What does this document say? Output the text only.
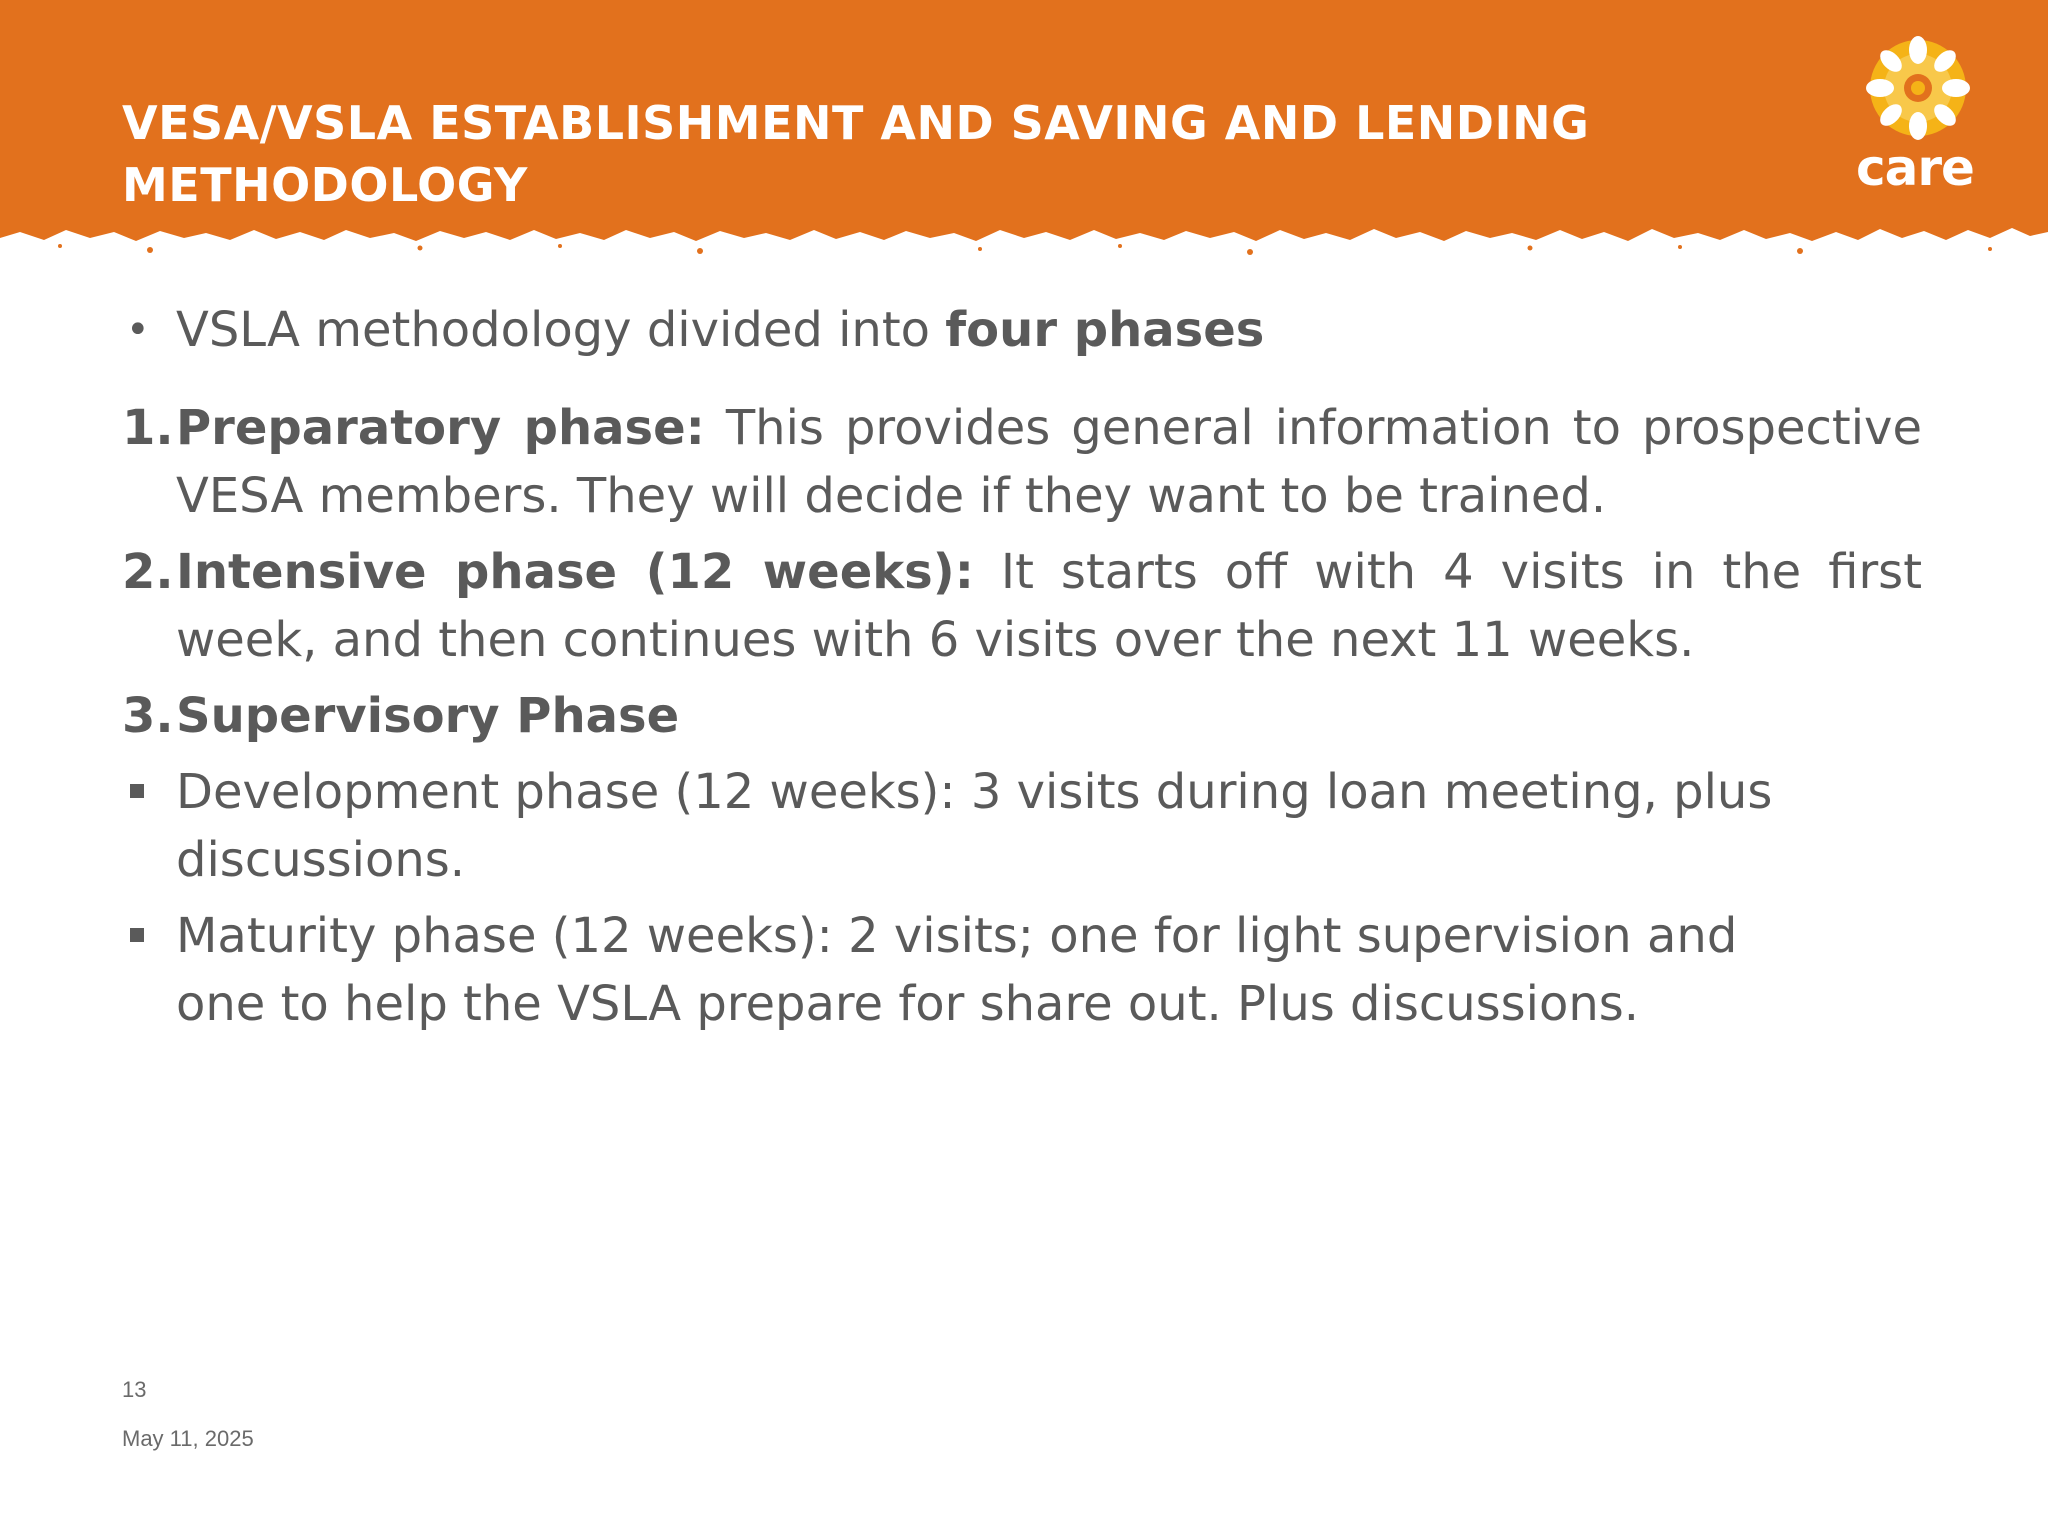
VESA/VSLA ESTABLISHMENT AND SAVING AND LENDING
METHODOLOGY	care
• VSLA methodology divided into four phases
1. Preparatory phase: This provides general information to prospective VESA members. They will decide if they want to be trained.
2. Intensive phase (12 weeks): It starts off with 4 visits in the first week, and then continues with 6 visits over the next 11 weeks.
3. Supervisory Phase
Development phase (12 weeks): 3 visits during loan meeting, plus discussions.
Maturity phase (12 weeks): 2 visits; one for light supervision and one to help the VSLA prepare for share out. Plus discussions.
13
May 11, 2025
